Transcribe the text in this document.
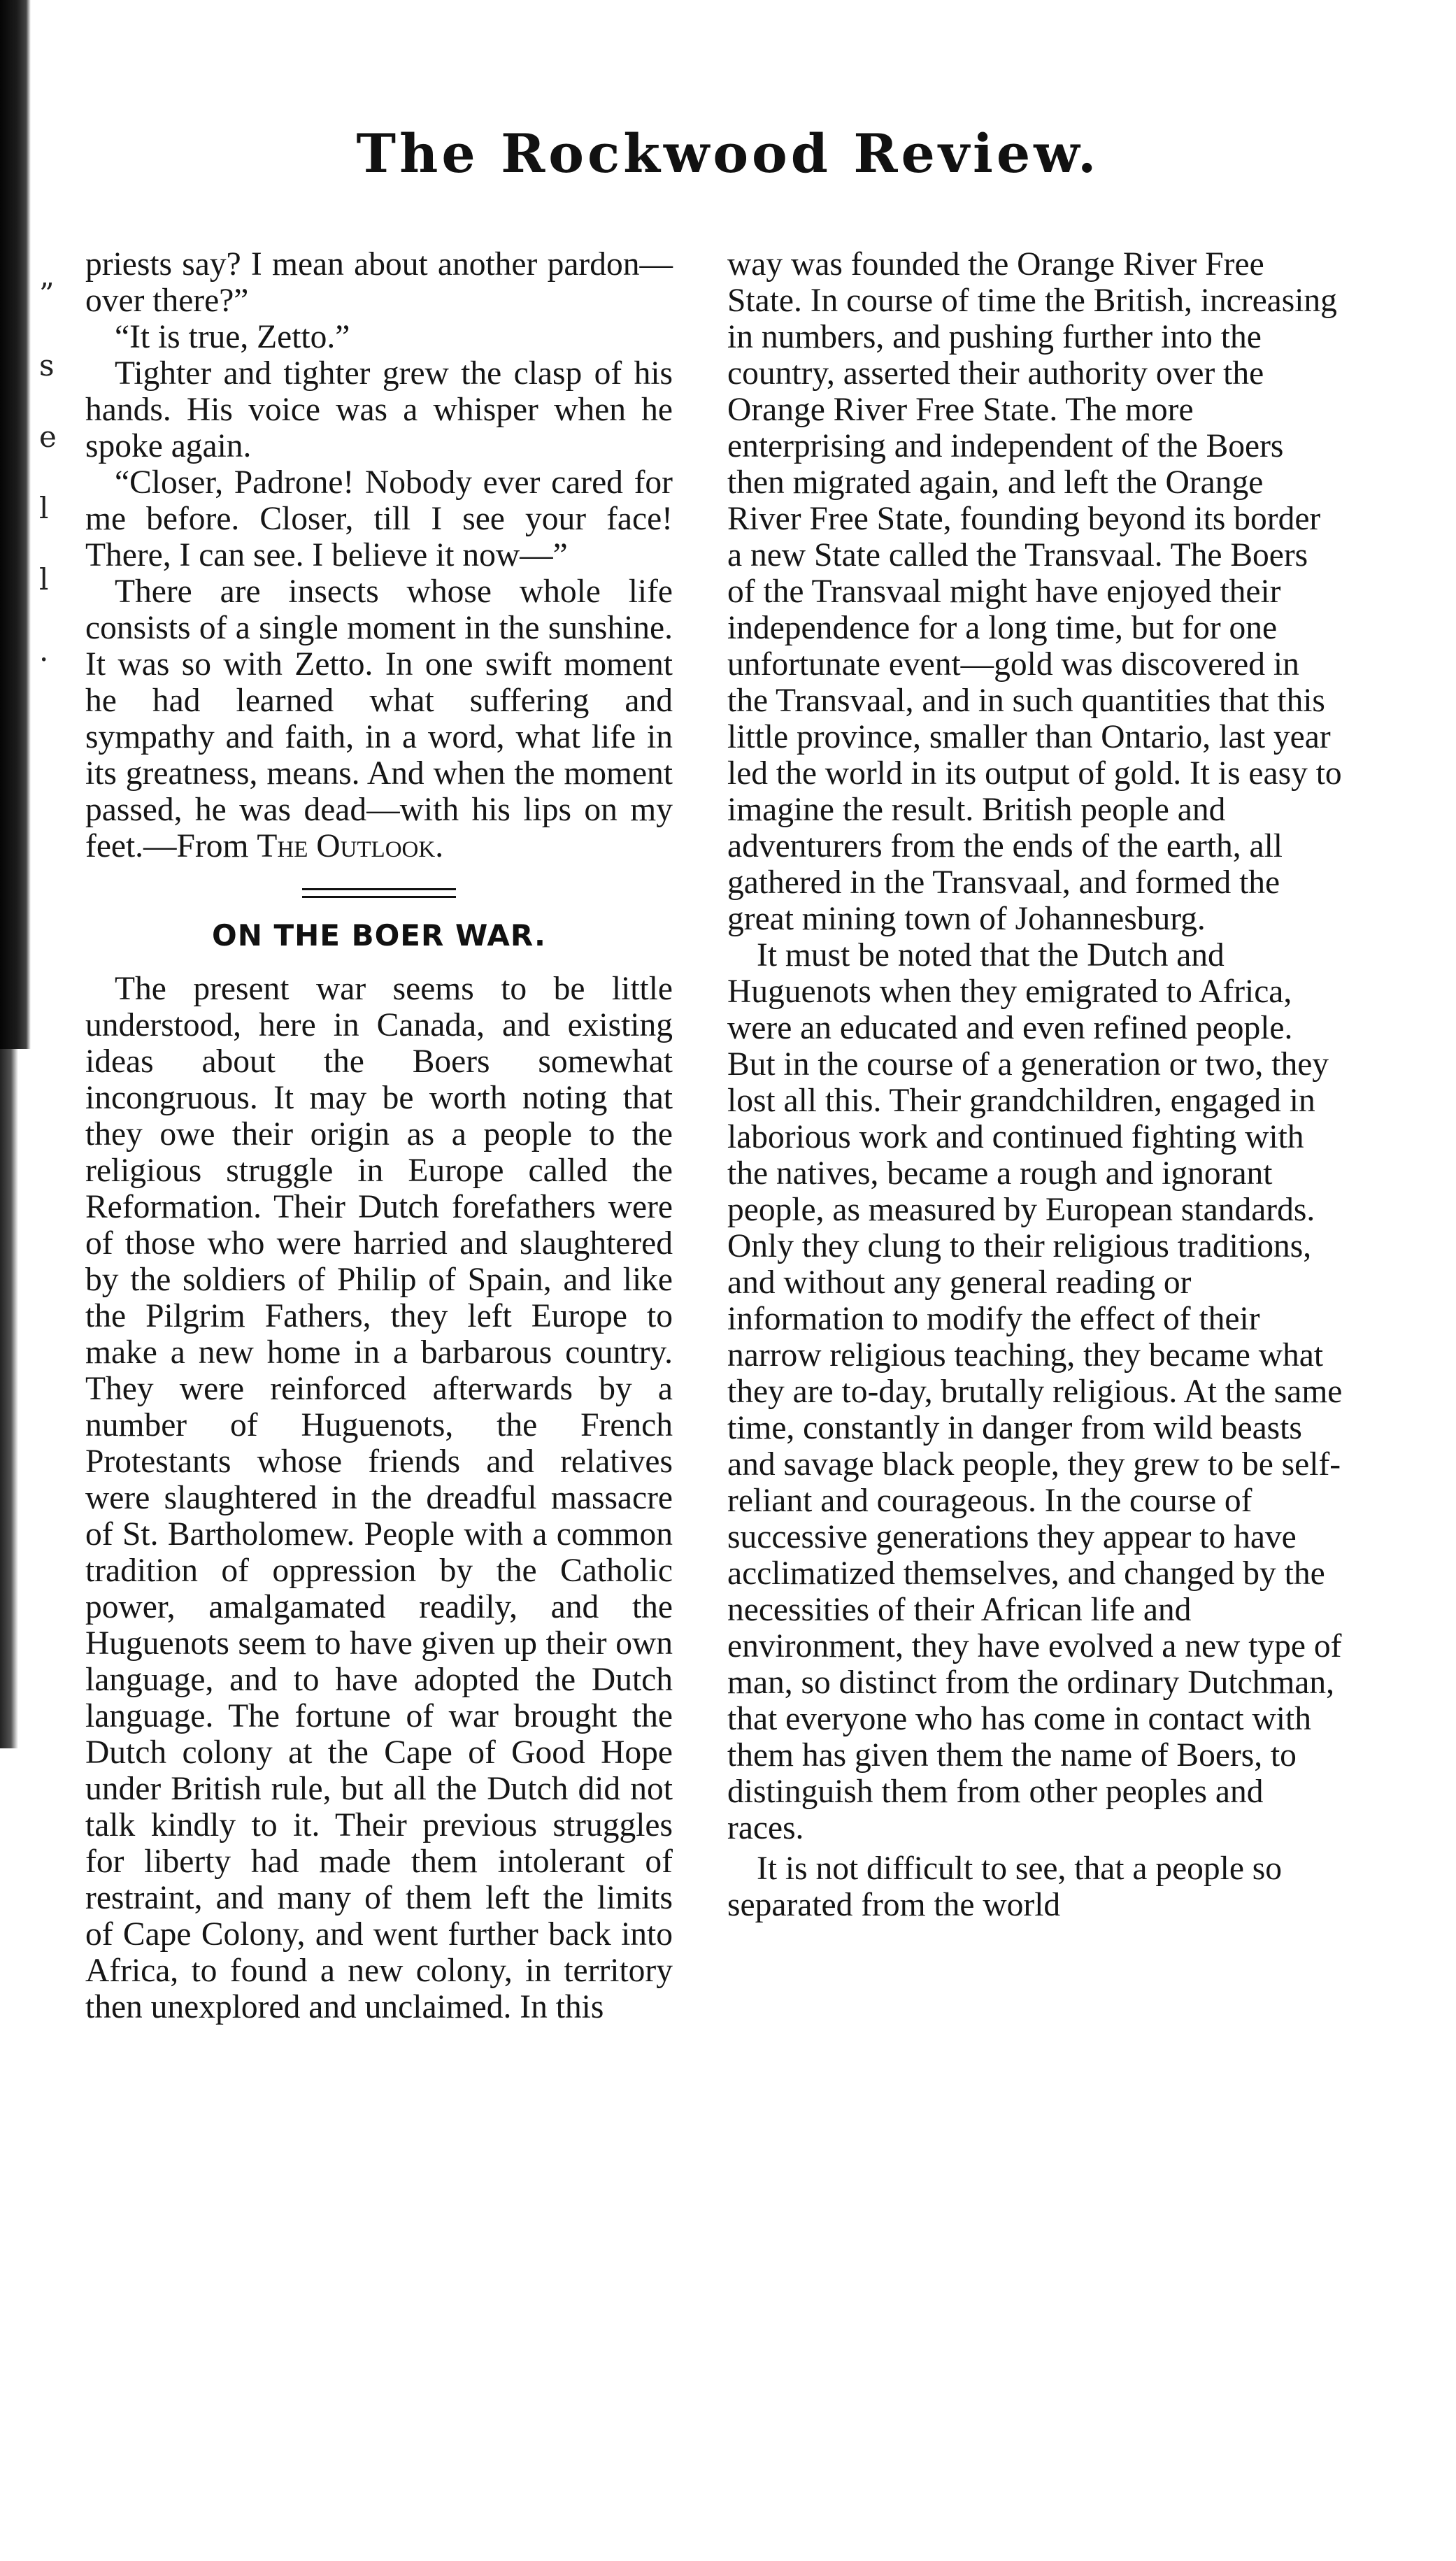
”
s
e
l
l
.
The Rockwood Review.

priests say? I mean about another pardon—over there?”

“It is true, Zetto.”

Tighter and tighter grew the clasp of his hands. His voice was a whisper when he spoke again.

“Closer, Padrone! Nobody ever cared for me before. Closer, till I see your face! There, I can see. I believe it now—”

There are insects whose whole life consists of a single moment in the sunshine. It was so with Zetto. In one swift moment he had learned what suffering and sympathy and faith, in a word, what life in its greatness, means. And when the moment passed, he was dead—with his lips on my feet.—From The Outlook.

ON THE BOER WAR.

The present war seems to be little understood, here in Canada, and existing ideas about the Boers somewhat incongruous. It may be worth noting that they owe their origin as a people to the religious struggle in Europe called the Reformation. Their Dutch forefathers were of those who were harried and slaughtered by the soldiers of Philip of Spain, and like the Pilgrim Fathers, they left Europe to make a new home in a barbarous country. They were reinforced afterwards by a number of Huguenots, the French Protestants whose friends and relatives were slaughtered in the dreadful massacre of St. Bartholomew. People with a common tradition of oppression by the Catholic power, amalgamated readily, and the Huguenots seem to have given up their own language, and to have adopted the Dutch language. The fortune of war brought the Dutch colony at the Cape of Good Hope under British rule, but all the Dutch did not talk kindly to it. Their previous struggles for liberty had made them intolerant of restraint, and many of them left the limits of Cape Colony, and went further back into Africa, to found a new colony, in territory then unexplored and unclaimed. In this

way was founded the Orange River Free State. In course of time the British, increasing in numbers, and pushing further into the country, asserted their authority over the Orange River Free State. The more enterprising and independent of the Boers then migrated again, and left the Orange River Free State, founding beyond its border a new State called the Transvaal. The Boers of the Transvaal might have enjoyed their independence for a long time, but for one unfortunate event—gold was discovered in the Transvaal, and in such quantities that this little province, smaller than Ontario, last year led the world in its output of gold. It is easy to imagine the result. British people and adventurers from the ends of the earth, all gathered in the Transvaal, and formed the great mining town of Johannesburg.

It must be noted that the Dutch and Huguenots when they emigrated to Africa, were an educated and even refined people. But in the course of a generation or two, they lost all this. Their grandchildren, engaged in laborious work and continued fighting with the natives, became a rough and ignorant people, as measured by European standards. Only they clung to their religious traditions, and without any general reading or information to modify the effect of their narrow religious teaching, they became what they are to-day, brutally religious. At the same time, constantly in danger from wild beasts and savage black people, they grew to be self-reliant and courageous. In the course of successive generations they appear to have acclimatized themselves, and changed by the necessities of their African life and environment, they have evolved a new type of man, so distinct from the ordinary Dutchman, that everyone who has come in contact with them has given them the name of Boers, to distinguish them from other peoples and races.

It is not difficult to see, that a people so separated from the world
